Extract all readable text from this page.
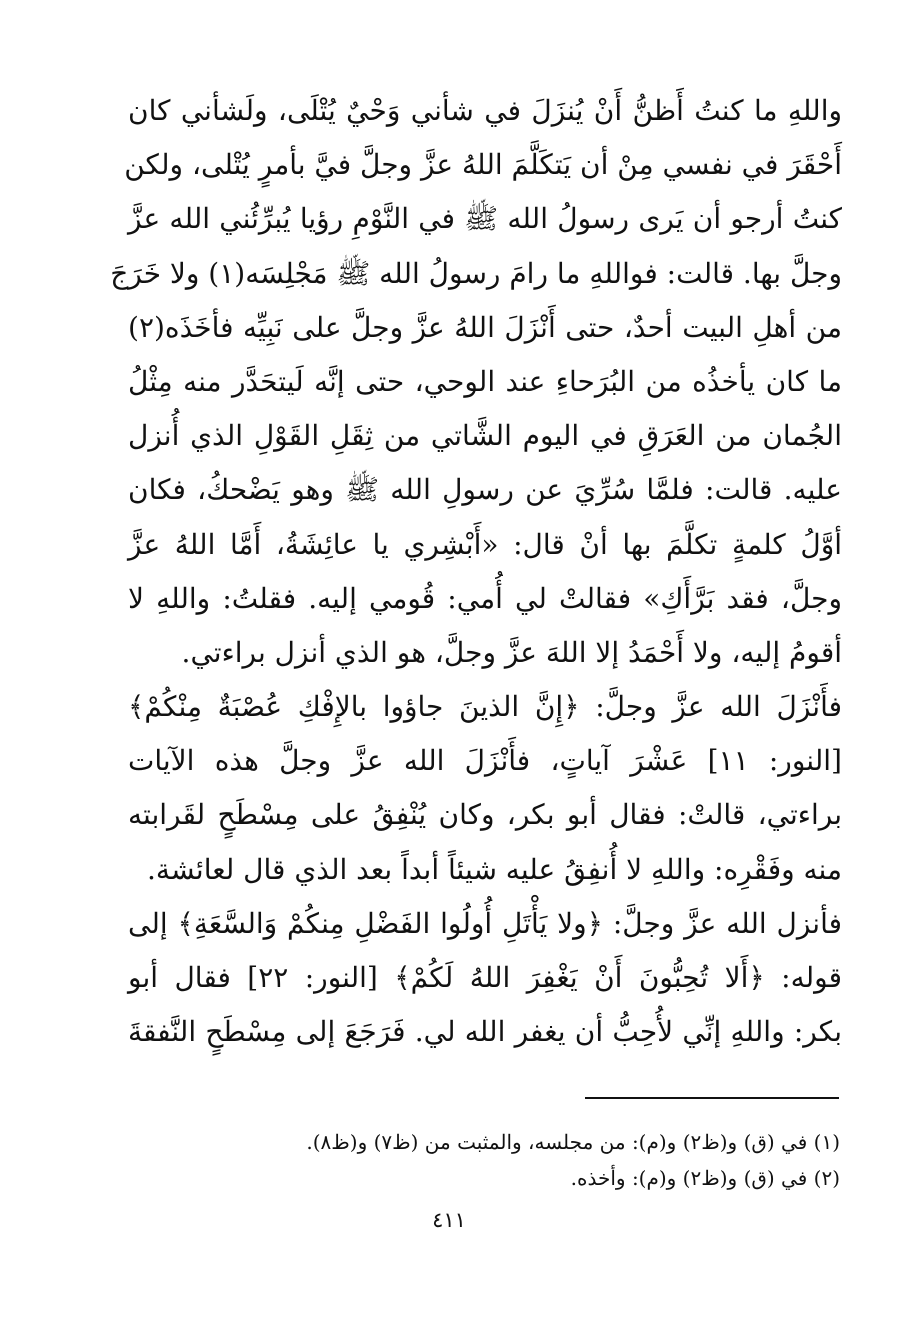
واللهِ ما كنتُ أَظنُّ أَنْ يُنزَلَ في شأني وَحْيٌ يُتْلَى، ولَشأني كان
أَحْقَرَ في نفسي مِنْ أن يَتكَلَّمَ اللهُ عزَّ وجلَّ فيَّ بأمرٍ يُتْلى، ولكن
كنتُ أرجو أن يَرى رسولُ الله ﷺ في النَّوْمِ رؤيا يُبرِّئُني الله عزَّ
وجلَّ بها. قالت: فواللهِ ما رامَ رسولُ الله ﷺ مَجْلِسَه(١) ولا خَرَجَ
من أهلِ البيت أحدٌ، حتى أَنْزَلَ اللهُ عزَّ وجلَّ على نَبِيِّه فأخَذَه(٢)
ما كان يأخذُه من البُرَحاءِ عند الوحي، حتى إنَّه لَيتحَدَّر منه مِثْلُ
الجُمان من العَرَقِ في اليوم الشَّاتي من ثِقَلِ القَوْلِ الذي أُنزل
عليه. قالت: فلمَّا سُرِّيَ عن رسولِ الله ﷺ وهو يَضْحكُ، فكان
أوَّلُ كلمةٍ تكلَّمَ بها أنْ قال: «أَبْشِري يا عائِشَةُ، أَمَّا اللهُ عزَّ
وجلَّ، فقد بَرَّأَكِ» فقالتْ لي أُمي: قُومي إليه. فقلتُ: واللهِ لا
أقومُ إليه، ولا أَحْمَدُ إلا اللهَ عزَّ وجلَّ، هو الذي أنزل براءتي.
فأَنْزَلَ الله عزَّ وجلَّ: ﴿إِنَّ الذينَ جاؤوا بالإِفْكِ عُصْبَةٌ مِنْكُمْ﴾
[النور: ١١] عَشْرَ آياتٍ، فأَنْزَلَ الله عزَّ وجلَّ هذه الآيات
براءتي، قالتْ: فقال أبو بكر، وكان يُنْفِقُ على مِسْطَحٍ لقَرابته
منه وفَقْرِه: واللهِ لا أُنفِقُ عليه شيئاً أبداً بعد الذي قال لعائشة.
فأنزل الله عزَّ وجلَّ: ﴿ولا يَأْتَلِ أُولُوا الفَضْلِ مِنكُمْ وَالسَّعَةِ﴾ إلى
قوله: ﴿أَلا تُحِبُّونَ أَنْ يَغْفِرَ اللهُ لَكُمْ﴾ [النور: ٢٢] فقال أبو
بكر: واللهِ إنِّي لأُحِبُّ أن يغفر الله لي. فَرَجَعَ إلى مِسْطَحٍ النَّفقةَ
(١) في (ق) و(ظ٢) و(م): من مجلسه، والمثبت من (ظ٧) و(ظ٨).
(٢) في (ق) و(ظ٢) و(م): وأخذه.
٤١١
